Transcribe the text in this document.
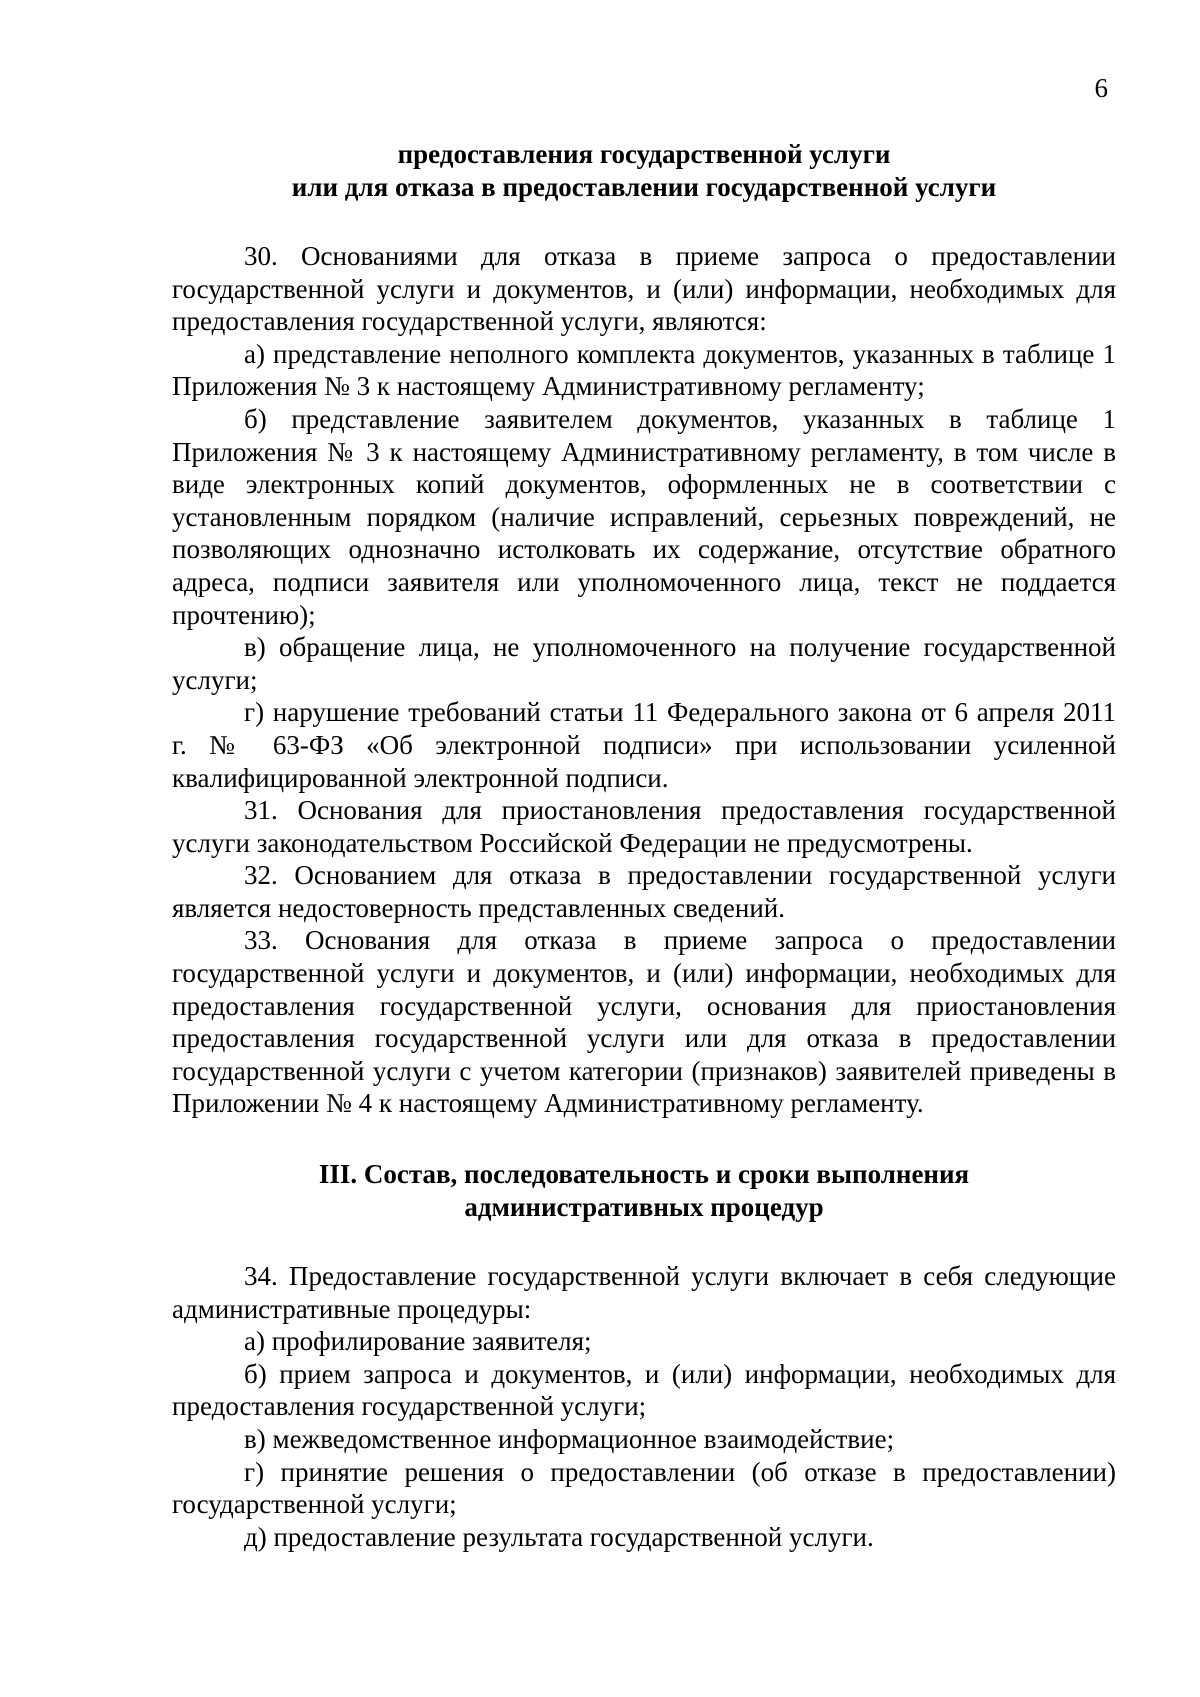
6
предоставления государственной услуги
или для отказа в предоставлении государственной услуги

30. Основаниями для отказа в приеме запроса о предоставлении государственной услуги и документов, и (или) информации, необходимых для предоставления государственной услуги, являются:

а) представление неполного комплекта документов, указанных в таблице 1 Приложения № 3 к настоящему Административному регламенту;

б) представление заявителем документов, указанных в таблице 1 Приложения № 3 к настоящему Административному регламенту, в том числе в виде электронных копий документов, оформленных не в соответствии с установленным порядком (наличие исправлений, серьезных повреждений, не позволяющих однозначно истолковать их содержание, отсутствие обратного адреса, подписи заявителя или уполномоченного лица, текст не поддается прочтению);

в) обращение лица, не уполномоченного на получение государственной услуги;

г) нарушение требований статьи 11 Федерального закона от 6 апреля 2011 г. № 63-ФЗ «Об электронной подписи» при использовании усиленной квалифицированной электронной подписи.

31. Основания для приостановления предоставления государственной услуги законодательством Российской Федерации не предусмотрены.

32. Основанием для отказа в предоставлении государственной услуги является недостоверность представленных сведений.

33. Основания для отказа в приеме запроса о предоставлении государственной услуги и документов, и (или) информации, необходимых для предоставления государственной услуги, основания для приостановления предоставления государственной услуги или для отказа в предоставлении государственной услуги с учетом категории (признаков) заявителей приведены в Приложении № 4 к настоящему Административному регламенту.

III. Состав, последовательность и сроки выполнения
административных процедур

34. Предоставление государственной услуги включает в себя следующие административные процедуры:

а) профилирование заявителя;

б) прием запроса и документов, и (или) информации, необходимых для предоставления государственной услуги;

в) межведомственное информационное взаимодействие;

г) принятие решения о предоставлении (об отказе в предоставлении) государственной услуги;

д) предоставление результата государственной услуги.
